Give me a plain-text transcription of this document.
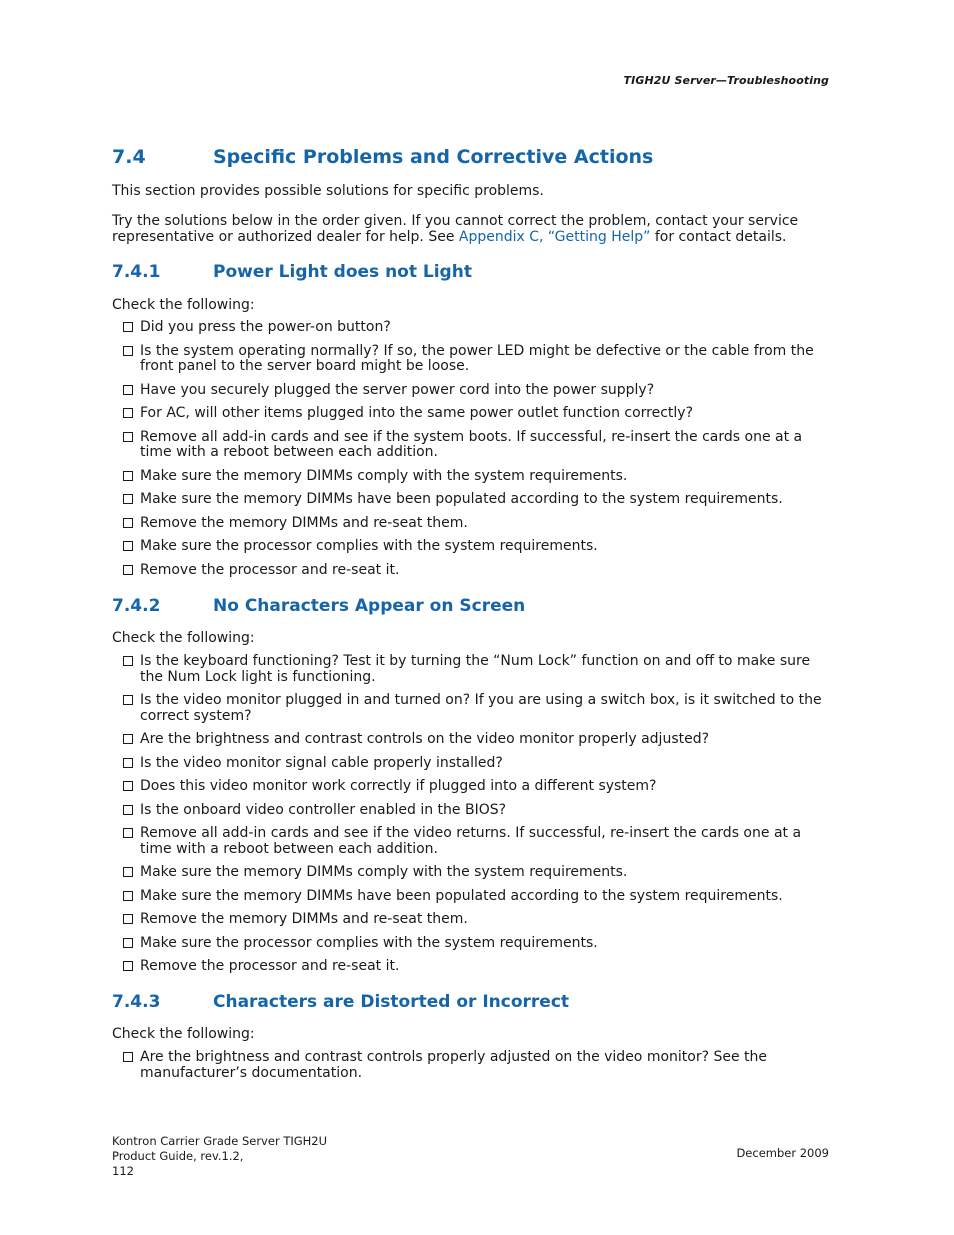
TIGH2U Server—Troubleshooting
7.4	Specific Problems and Corrective Actions

This section provides possible solutions for specific problems.

Try the solutions below in the order given. If you cannot correct the problem, contact your service representative or authorized dealer for help. See Appendix C, “Getting Help” for contact details.

7.4.1	Power Light does not Light

Check the following:

Did you press the power-on button?
Is the system operating normally? If so, the power LED might be defective or the cable from the front panel to the server board might be loose.
Have you securely plugged the server power cord into the power supply?
For AC, will other items plugged into the same power outlet function correctly?
Remove all add-in cards and see if the system boots. If successful, re-insert the cards one at a time with a reboot between each addition.
Make sure the memory DIMMs comply with the system requirements.
Make sure the memory DIMMs have been populated according to the system requirements.
Remove the memory DIMMs and re-seat them.
Make sure the processor complies with the system requirements.
Remove the processor and re-seat it.
7.4.2	No Characters Appear on Screen

Check the following:

Is the keyboard functioning? Test it by turning the “Num Lock” function on and off to make sure the Num Lock light is functioning.
Is the video monitor plugged in and turned on? If you are using a switch box, is it switched to the correct system?
Are the brightness and contrast controls on the video monitor properly adjusted?
Is the video monitor signal cable properly installed?
Does this video monitor work correctly if plugged into a different system?
Is the onboard video controller enabled in the BIOS?
Remove all add-in cards and see if the video returns. If successful, re-insert the cards one at a time with a reboot between each addition.
Make sure the memory DIMMs comply with the system requirements.
Make sure the memory DIMMs have been populated according to the system requirements.
Remove the memory DIMMs and re-seat them.
Make sure the processor complies with the system requirements.
Remove the processor and re-seat it.
7.4.3	Characters are Distorted or Incorrect

Check the following:

Are the brightness and contrast controls properly adjusted on the video monitor? See the manufacturer’s documentation.
Kontron Carrier Grade Server TIGH2U
Product Guide, rev.1.2,
112
December 2009
